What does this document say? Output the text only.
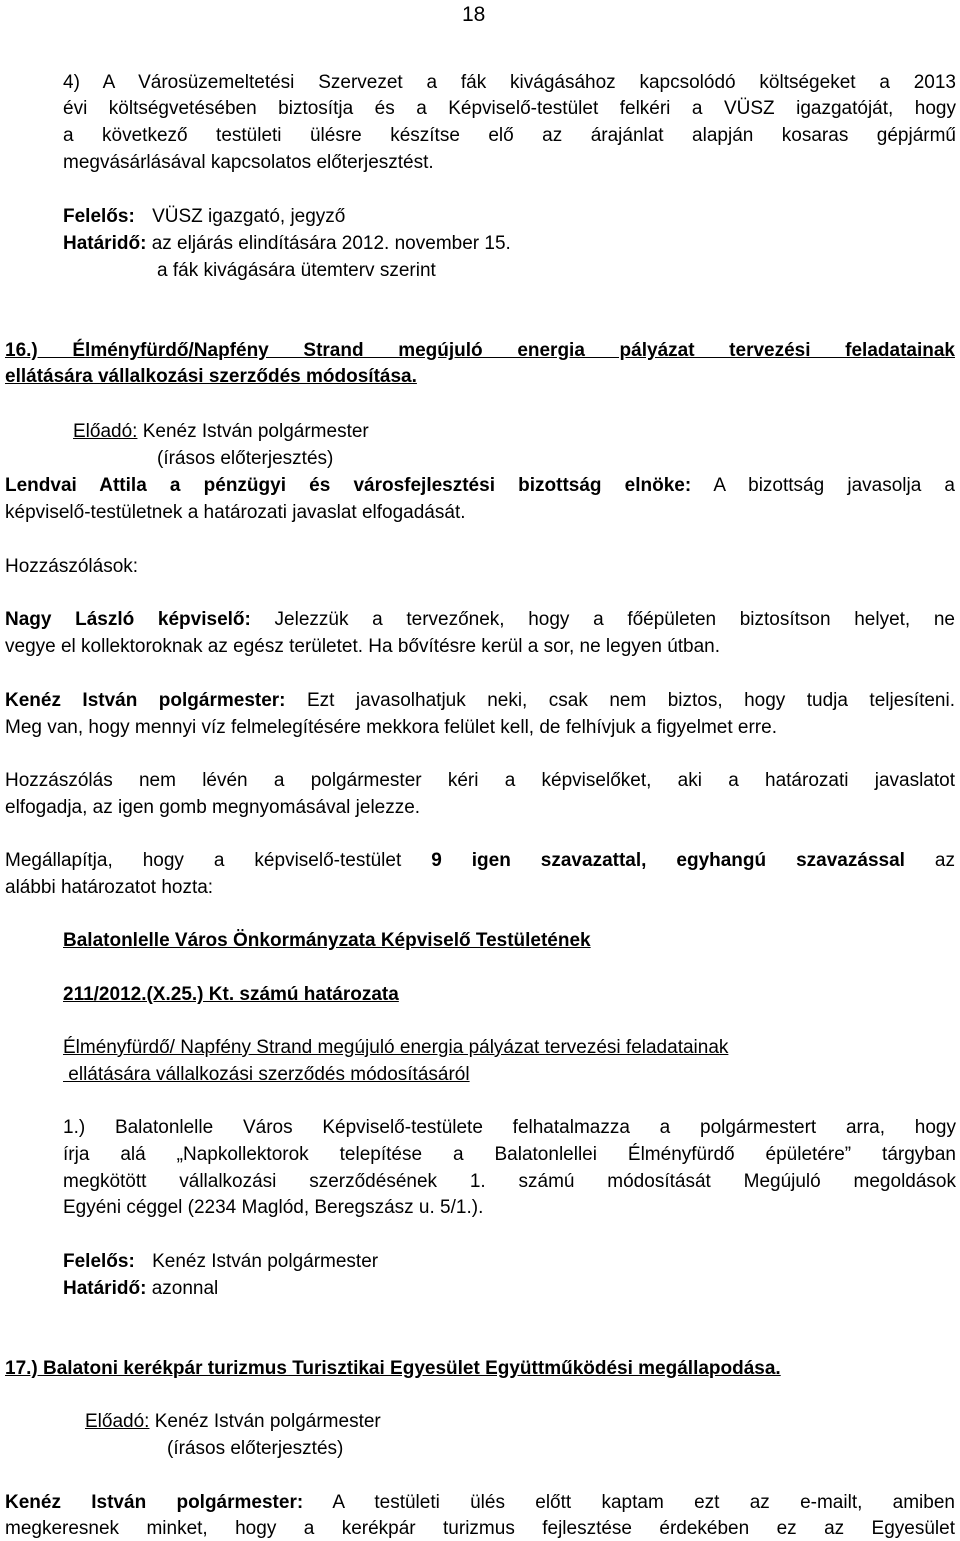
18
4) A Városüzemeltetési Szervezet a fák kivágásához kapcsolódó költségeket a 2013
évi költségvetésében biztosítja és a Képviselő-testület felkéri a VÜSZ igazgatóját, hogy
a következő testületi ülésre készítse elő az árajánlat alapján kosaras gépjármű
megvásárlásával kapcsolatos előterjesztést.
Felelős: VÜSZ igazgató, jegyző
Határidő: az eljárás elindítására 2012. november 15.
a fák kivágására ütemterv szerint
16.) Élményfürdő/Napfény Strand megújuló energia pályázat tervezési feladatainak
ellátására vállalkozási szerződés módosítása.
Előadó: Kenéz István polgármester
(írásos előterjesztés)
Lendvai Attila a pénzügyi és városfejlesztési bizottság elnöke: A bizottság javasolja a
képviselő-testületnek a határozati javaslat elfogadását.
Hozzászólások:
Nagy László képviselő: Jelezzük a tervezőnek, hogy a főépületen biztosítson helyet, ne
vegye el kollektoroknak az egész területet. Ha bővítésre kerül a sor, ne legyen útban.
Kenéz István polgármester: Ezt javasolhatjuk neki, csak nem biztos, hogy tudja teljesíteni.
Meg van, hogy mennyi víz felmelegítésére mekkora felület kell, de felhívjuk a figyelmet erre.
Hozzászólás nem lévén a polgármester kéri a képviselőket, aki a határozati javaslatot
elfogadja, az igen gomb megnyomásával jelezze.
Megállapítja, hogy a képviselő-testület 9 igen szavazattal, egyhangú szavazással az
alábbi határozatot hozta:
Balatonlelle Város Önkormányzata Képviselő Testületének
211/2012.(X.25.) Kt. számú határozata
Élményfürdő/ Napfény Strand megújuló energia pályázat tervezési feladatainak
ellátására vállalkozási szerződés módosításáról
1.) Balatonlelle Város Képviselő-testülete felhatalmazza a polgármestert arra, hogy
írja alá „Napkollektorok telepítése a Balatonlellei Élményfürdő épületére” tárgyban
megkötött vállalkozási szerződésének 1. számú módosítását Megújuló megoldások
Egyéni céggel (2234 Maglód, Beregszász u. 5/1.).
Felelős: Kenéz István polgármester
Határidő: azonnal
17.) Balatoni kerékpár turizmus Turisztikai Egyesület Együttműködési megállapodása.
Előadó: Kenéz István polgármester
(írásos előterjesztés)
Kenéz István polgármester: A testületi ülés előtt kaptam ezt az e-mailt, amiben
megkeresnek minket, hogy a kerékpár turizmus fejlesztése érdekében ez az Egyesület
